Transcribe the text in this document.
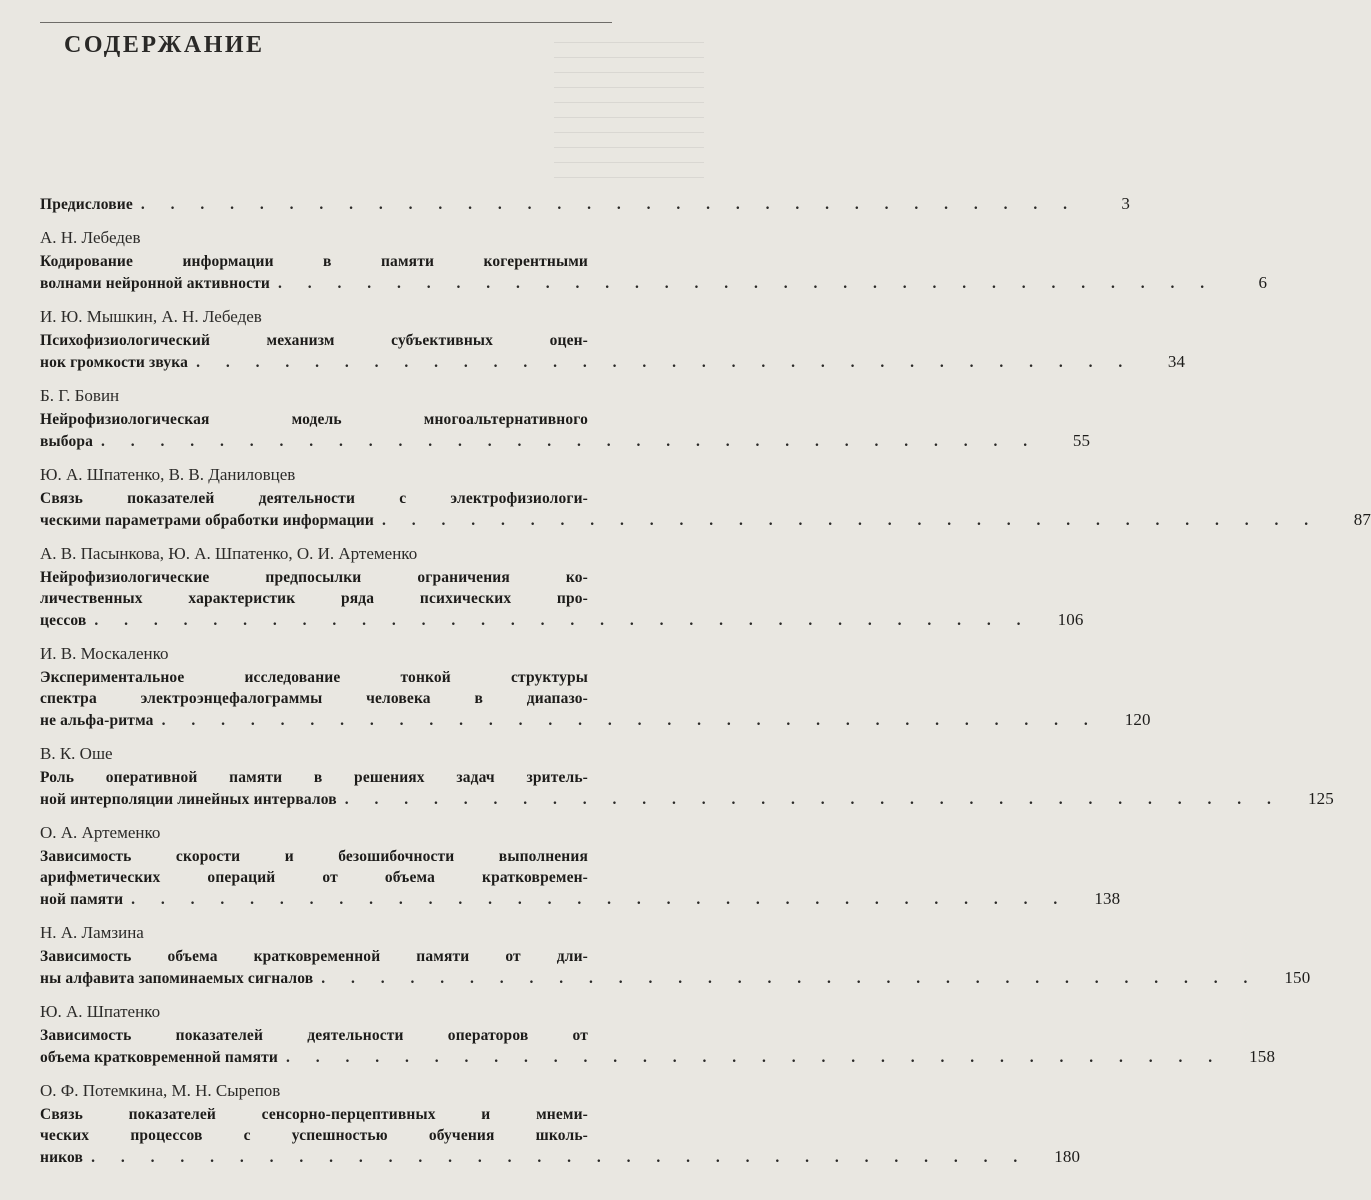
СОДЕРЖАНИЕ
Предисловие . . . . . . . . . . . . . . . . . . . . . . . . . . . . . . . .	3
А. Н. Лебедев
Кодирование информации в памяти когерентными
волнами нейронной активности . . . . . . . . . . . . . . . . . . . . . . . . . . . . . . . .	6
И. Ю. Мышкин, А. Н. Лебедев
Психофизиологический механизм субъективных оцен-
нок громкости звука . . . . . . . . . . . . . . . . . . . . . . . . . . . . . . . .	34
Б. Г. Бовин
Нейрофизиологическая модель многоальтернативного
выбора . . . . . . . . . . . . . . . . . . . . . . . . . . . . . . . .	55
Ю. А. Шпатенко, В. В. Даниловцев
Связь показателей деятельности с электрофизиологи-
ческими параметрами обработки информации . . . . . . . . . . . . . . . . . . . . . . . . . . . . . . . .	87
А. В. Пасынкова, Ю. А. Шпатенко, О. И. Артеменко
Нейрофизиологические предпосылки ограничения ко-
личественных характеристик ряда психических про-
цессов . . . . . . . . . . . . . . . . . . . . . . . . . . . . . . . .	106
И. В. Москаленко
Экспериментальное исследование тонкой структуры
спектра электроэнцефалограммы человека в диапазо-
не альфа-ритма . . . . . . . . . . . . . . . . . . . . . . . . . . . . . . . .	120
В. К. Оше
Роль оперативной памяти в решениях задач зритель-
ной интерполяции линейных интервалов . . . . . . . . . . . . . . . . . . . . . . . . . . . . . . . .	125
О. А. Артеменко
Зависимость скорости и безошибочности выполнения
арифметических операций от объема кратковремен-
ной памяти . . . . . . . . . . . . . . . . . . . . . . . . . . . . . . . .	138
Н. А. Ламзина
Зависимость объема кратковременной памяти от дли-
ны алфавита запоминаемых сигналов . . . . . . . . . . . . . . . . . . . . . . . . . . . . . . . .	150
Ю. А. Шпатенко
Зависимость показателей деятельности операторов от
объема кратковременной памяти . . . . . . . . . . . . . . . . . . . . . . . . . . . . . . . .	158
О. Ф. Потемкина, М. Н. Сырепов
Связь показателей сенсорно-перцептивных и мнеми-
ческих процессов с успешностью обучения школь-
ников . . . . . . . . . . . . . . . . . . . . . . . . . . . . . . . .	180
